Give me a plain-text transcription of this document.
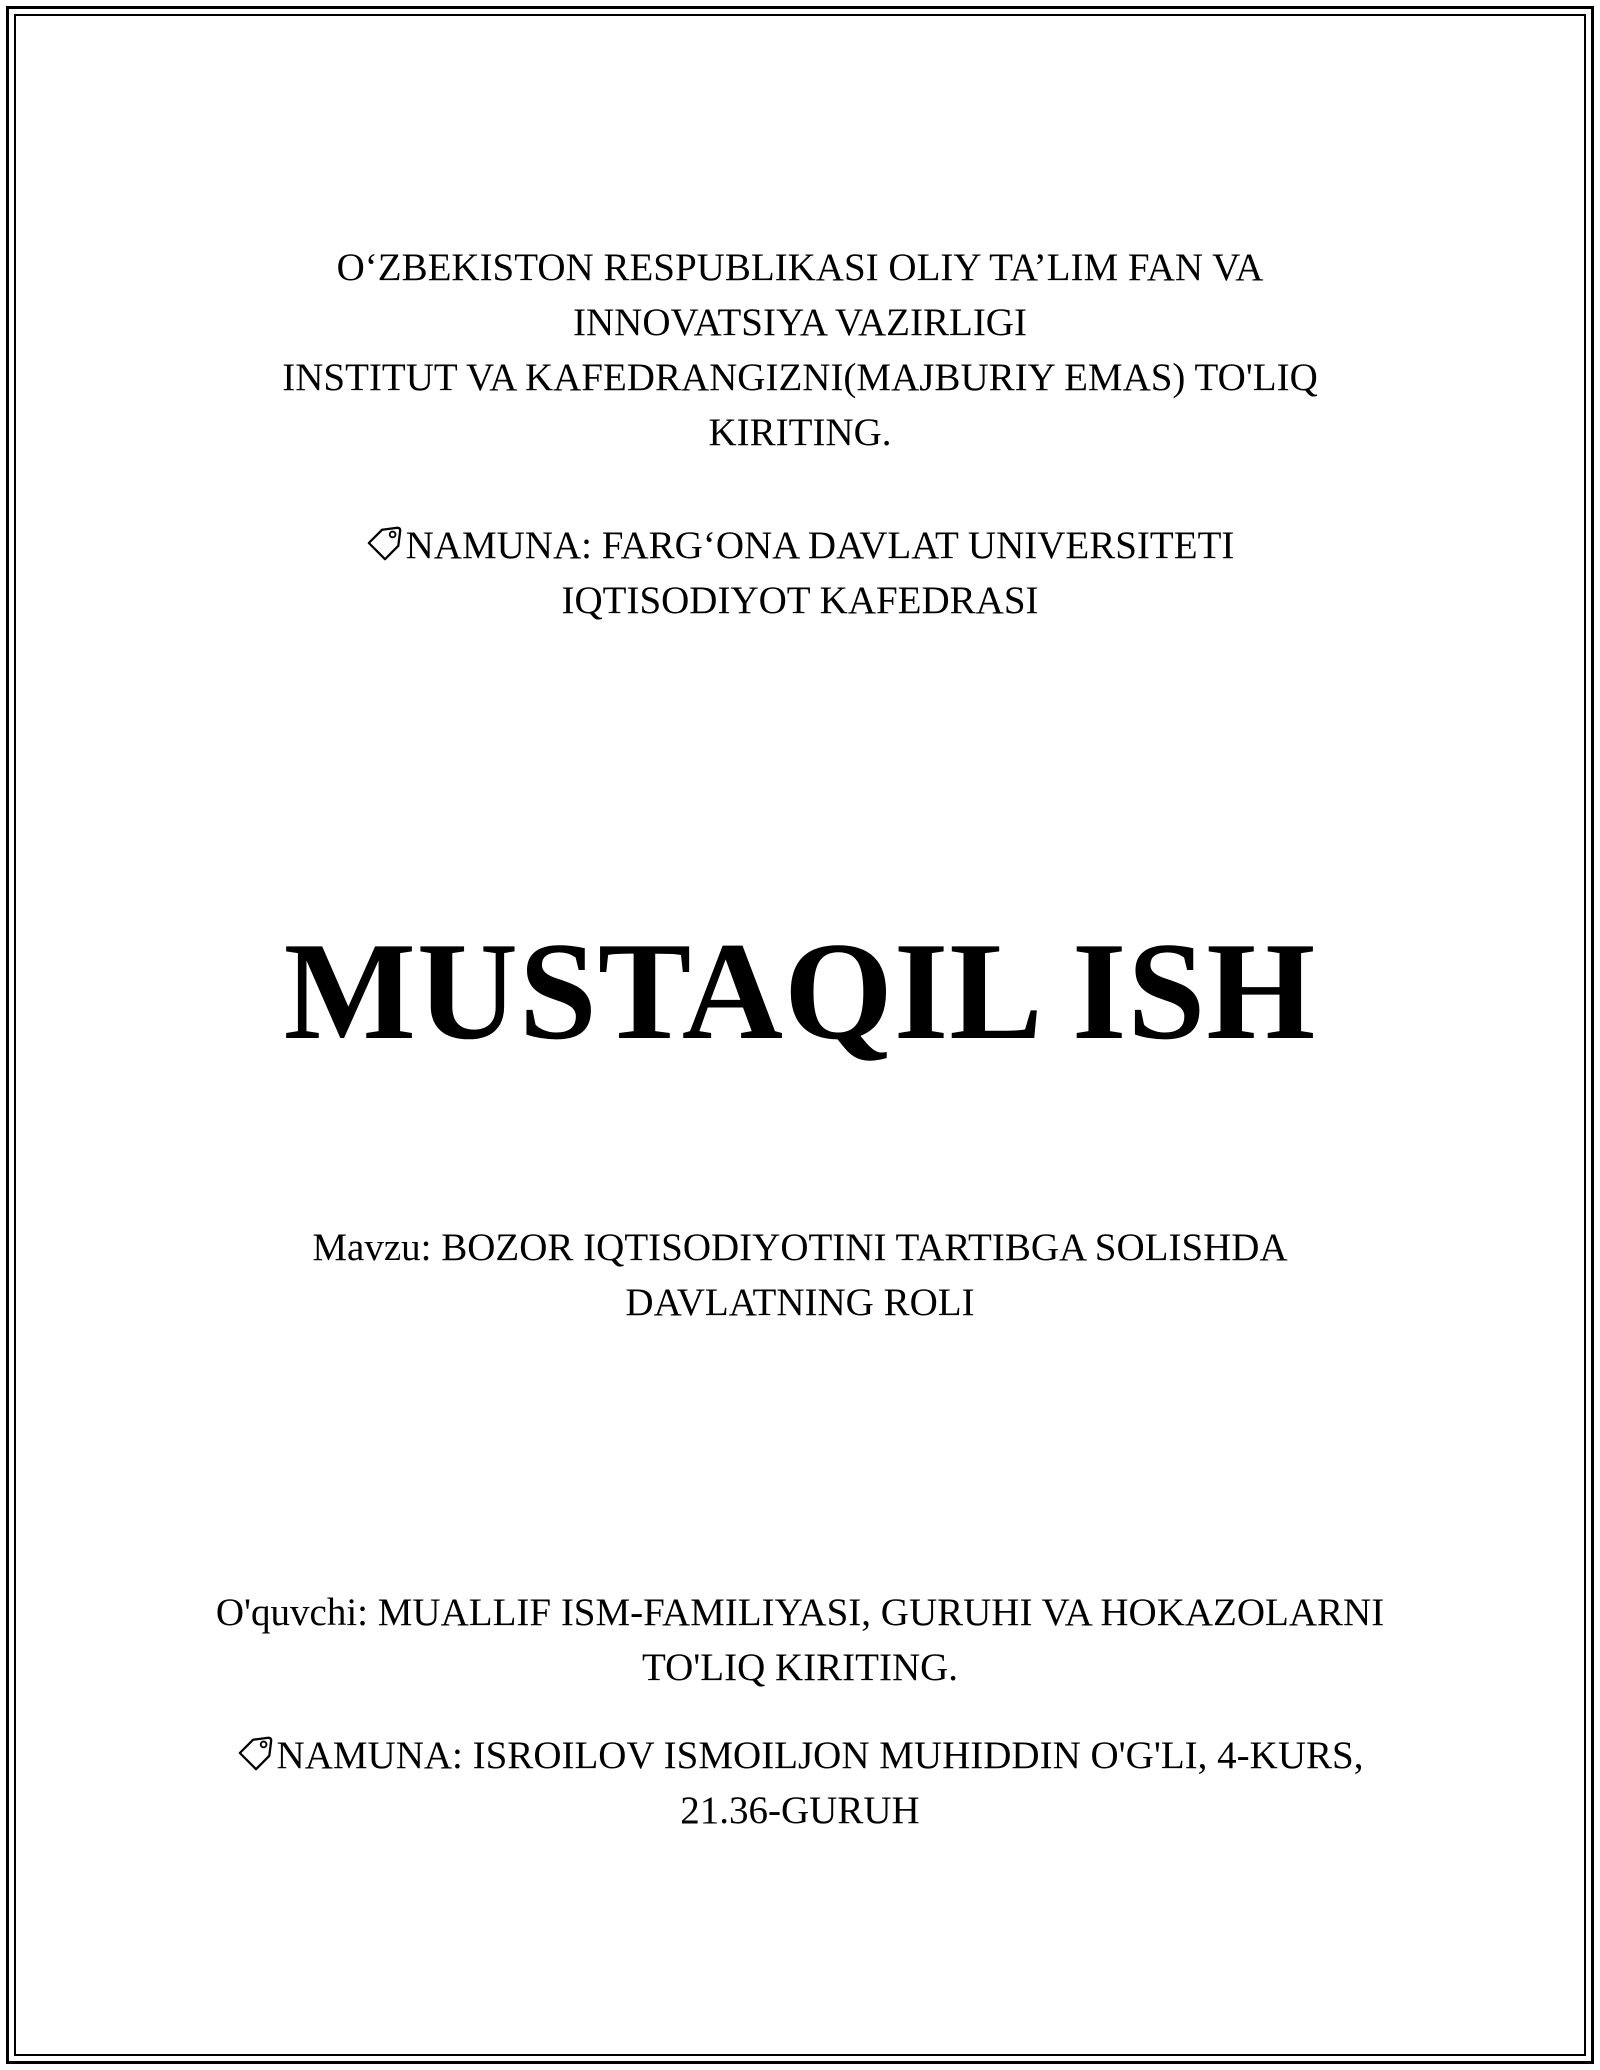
O‘ZBEKISTON RESPUBLIKASI OLIY TA’LIM FAN VA
INNOVATSIYA VAZIRLIGI
INSTITUT VA KAFEDRANGIZNI(MAJBURIY EMAS) TO'LIQ
KIRITING.
NAMUNA: FARG‘ONA DAVLAT UNIVERSITETI
IQTISODIYOT KAFEDRASI
MUSTAQIL ISH
Mavzu: BOZOR IQTISODIYOTINI TARTIBGA SOLISHDA
DAVLATNING ROLI
O'quvchi: MUALLIF ISM-FAMILIYASI, GURUHI VA HOKAZOLARNI
TO'LIQ KIRITING.
NAMUNA: ISROILOV ISMOILJON MUHIDDIN O'G'LI, 4-KURS,
21.36-GURUH
